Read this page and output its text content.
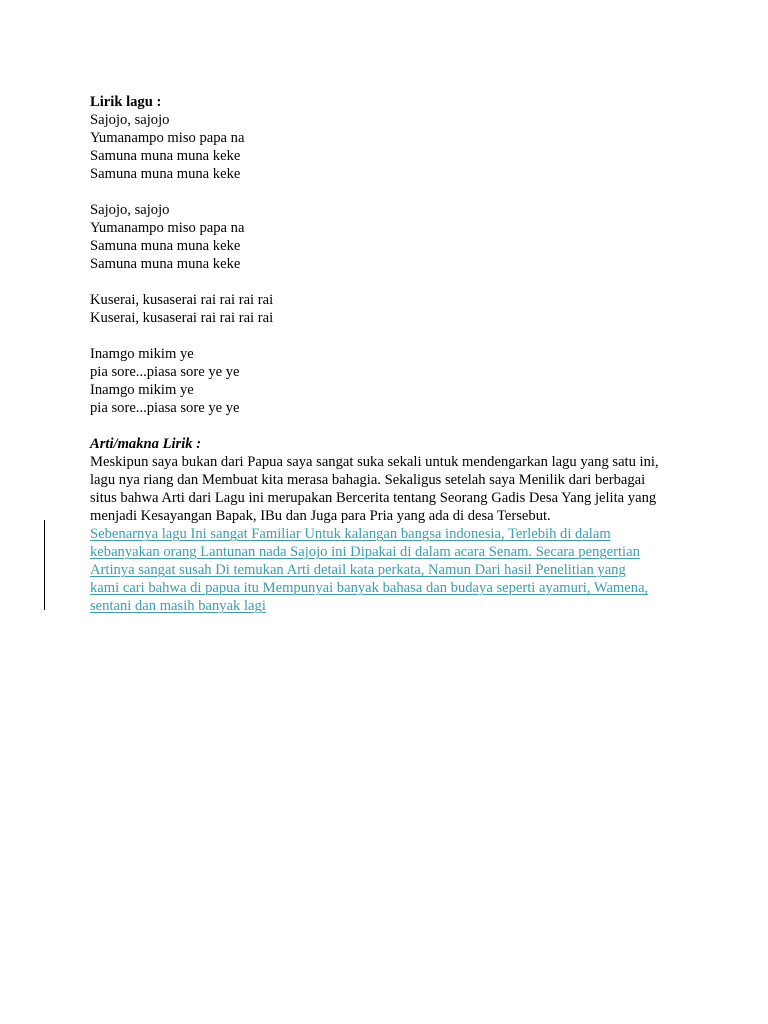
Lirik lagu :
Sajojo, sajojo
Yumanampo miso papa na
Samuna muna muna keke
Samuna muna muna keke
Sajojo, sajojo
Yumanampo miso papa na
Samuna muna muna keke
Samuna muna muna keke
Kuserai, kusaserai rai rai rai rai
Kuserai, kusaserai rai rai rai rai
Inamgo mikim ye
pia sore...piasa sore ye ye
Inamgo mikim ye
pia sore...piasa sore ye ye
Arti/makna Lirik :
Meskipun saya bukan dari Papua saya sangat suka sekali untuk mendengarkan lagu yang satu ini,
lagu nya riang dan Membuat kita merasa bahagia. Sekaligus setelah saya Menilik dari berbagai
situs bahwa Arti dari Lagu ini merupakan Bercerita tentang Seorang Gadis Desa Yang jelita yang
menjadi Kesayangan Bapak, IBu dan Juga para Pria yang ada di desa Tersebut.
Sebenarnya lagu Ini sangat Familiar Untuk kalangan bangsa indonesia, Terlebih di dalam
kebanyakan orang Lantunan nada Sajojo ini Dipakai di dalam acara Senam. Secara pengertian
Artinya sangat susah Di temukan Arti detail kata perkata, Namun Dari hasil Penelitian yang
kami cari bahwa di papua itu Mempunyai banyak bahasa dan budaya seperti ayamuri, Wamena,
sentani dan masih banyak lagi
